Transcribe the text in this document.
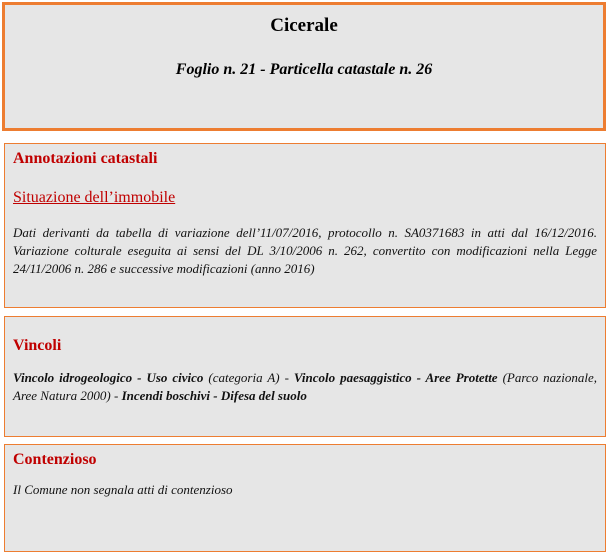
Cicerale
Foglio n. 21 - Particella catastale n. 26
Annotazioni catastali
Situazione dell’immobile
Dati derivanti da tabella di variazione dell’11/07/2016, protocollo n. SA0371683 in atti dal 16/12/2016. Variazione colturale eseguita ai sensi del DL 3/10/2006 n. 262, convertito con modificazioni nella Legge 24/11/2006 n. 286 e successive modificazioni (anno 2016)
Vincoli
Vincolo idrogeologico - Uso civico (categoria A) - Vincolo paesaggistico - Aree Protette (Parco nazionale, Aree Natura 2000) - Incendi boschivi - Difesa del suolo
Contenzioso
Il Comune non segnala atti di contenzioso
